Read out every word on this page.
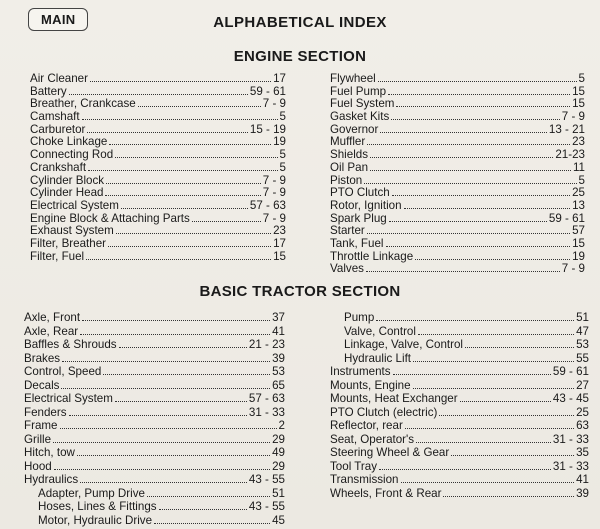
MAIN	ALPHABETICAL INDEX
ENGINE SECTION
Air Cleaner	17
Battery	59 - 61
Breather, Crankcase	7 - 9
Camshaft	5
Carburetor	15 - 19
Choke Linkage	19
Connecting Rod	5
Crankshaft	5
Cylinder Block	7 - 9
Cylinder Head	7 - 9
Electrical System	57 - 63
Engine Block & Attaching Parts	7 - 9
Exhaust System	23
Filter, Breather	17
Filter, Fuel	15
Flywheel	5
Fuel Pump	15
Fuel System	15
Gasket Kits	7 - 9
Governor	13 - 21
Muffler	23
Shields	21-23
Oil Pan	11
Piston	5
PTO Clutch	25
Rotor, Ignition	13
Spark Plug	59 - 61
Starter	57
Tank, Fuel	15
Throttle Linkage	19
Valves	7 - 9
BASIC TRACTOR SECTION
Axle, Front	37
Axle, Rear	41
Baffles & Shrouds	21 - 23
Brakes	39
Control, Speed	53
Decals	65
Electrical System	57 - 63
Fenders	31 - 33
Frame	2
Grille	29
Hitch, tow	49
Hood	29
Hydraulics	43 - 55
Adapter, Pump Drive	51
Hoses, Lines & Fittings	43 - 55
Motor, Hydraulic Drive	45
Pump	51
Valve, Control	47
Linkage, Valve, Control	53
Hydraulic Lift	55
Instruments	59 - 61
Mounts, Engine	27
Mounts, Heat Exchanger	43 - 45
PTO Clutch (electric)	25
Reflector, rear	63
Seat, Operator's	31 - 33
Steering Wheel & Gear	35
Tool Tray	31 - 33
Transmission	41
Wheels, Front & Rear	39
